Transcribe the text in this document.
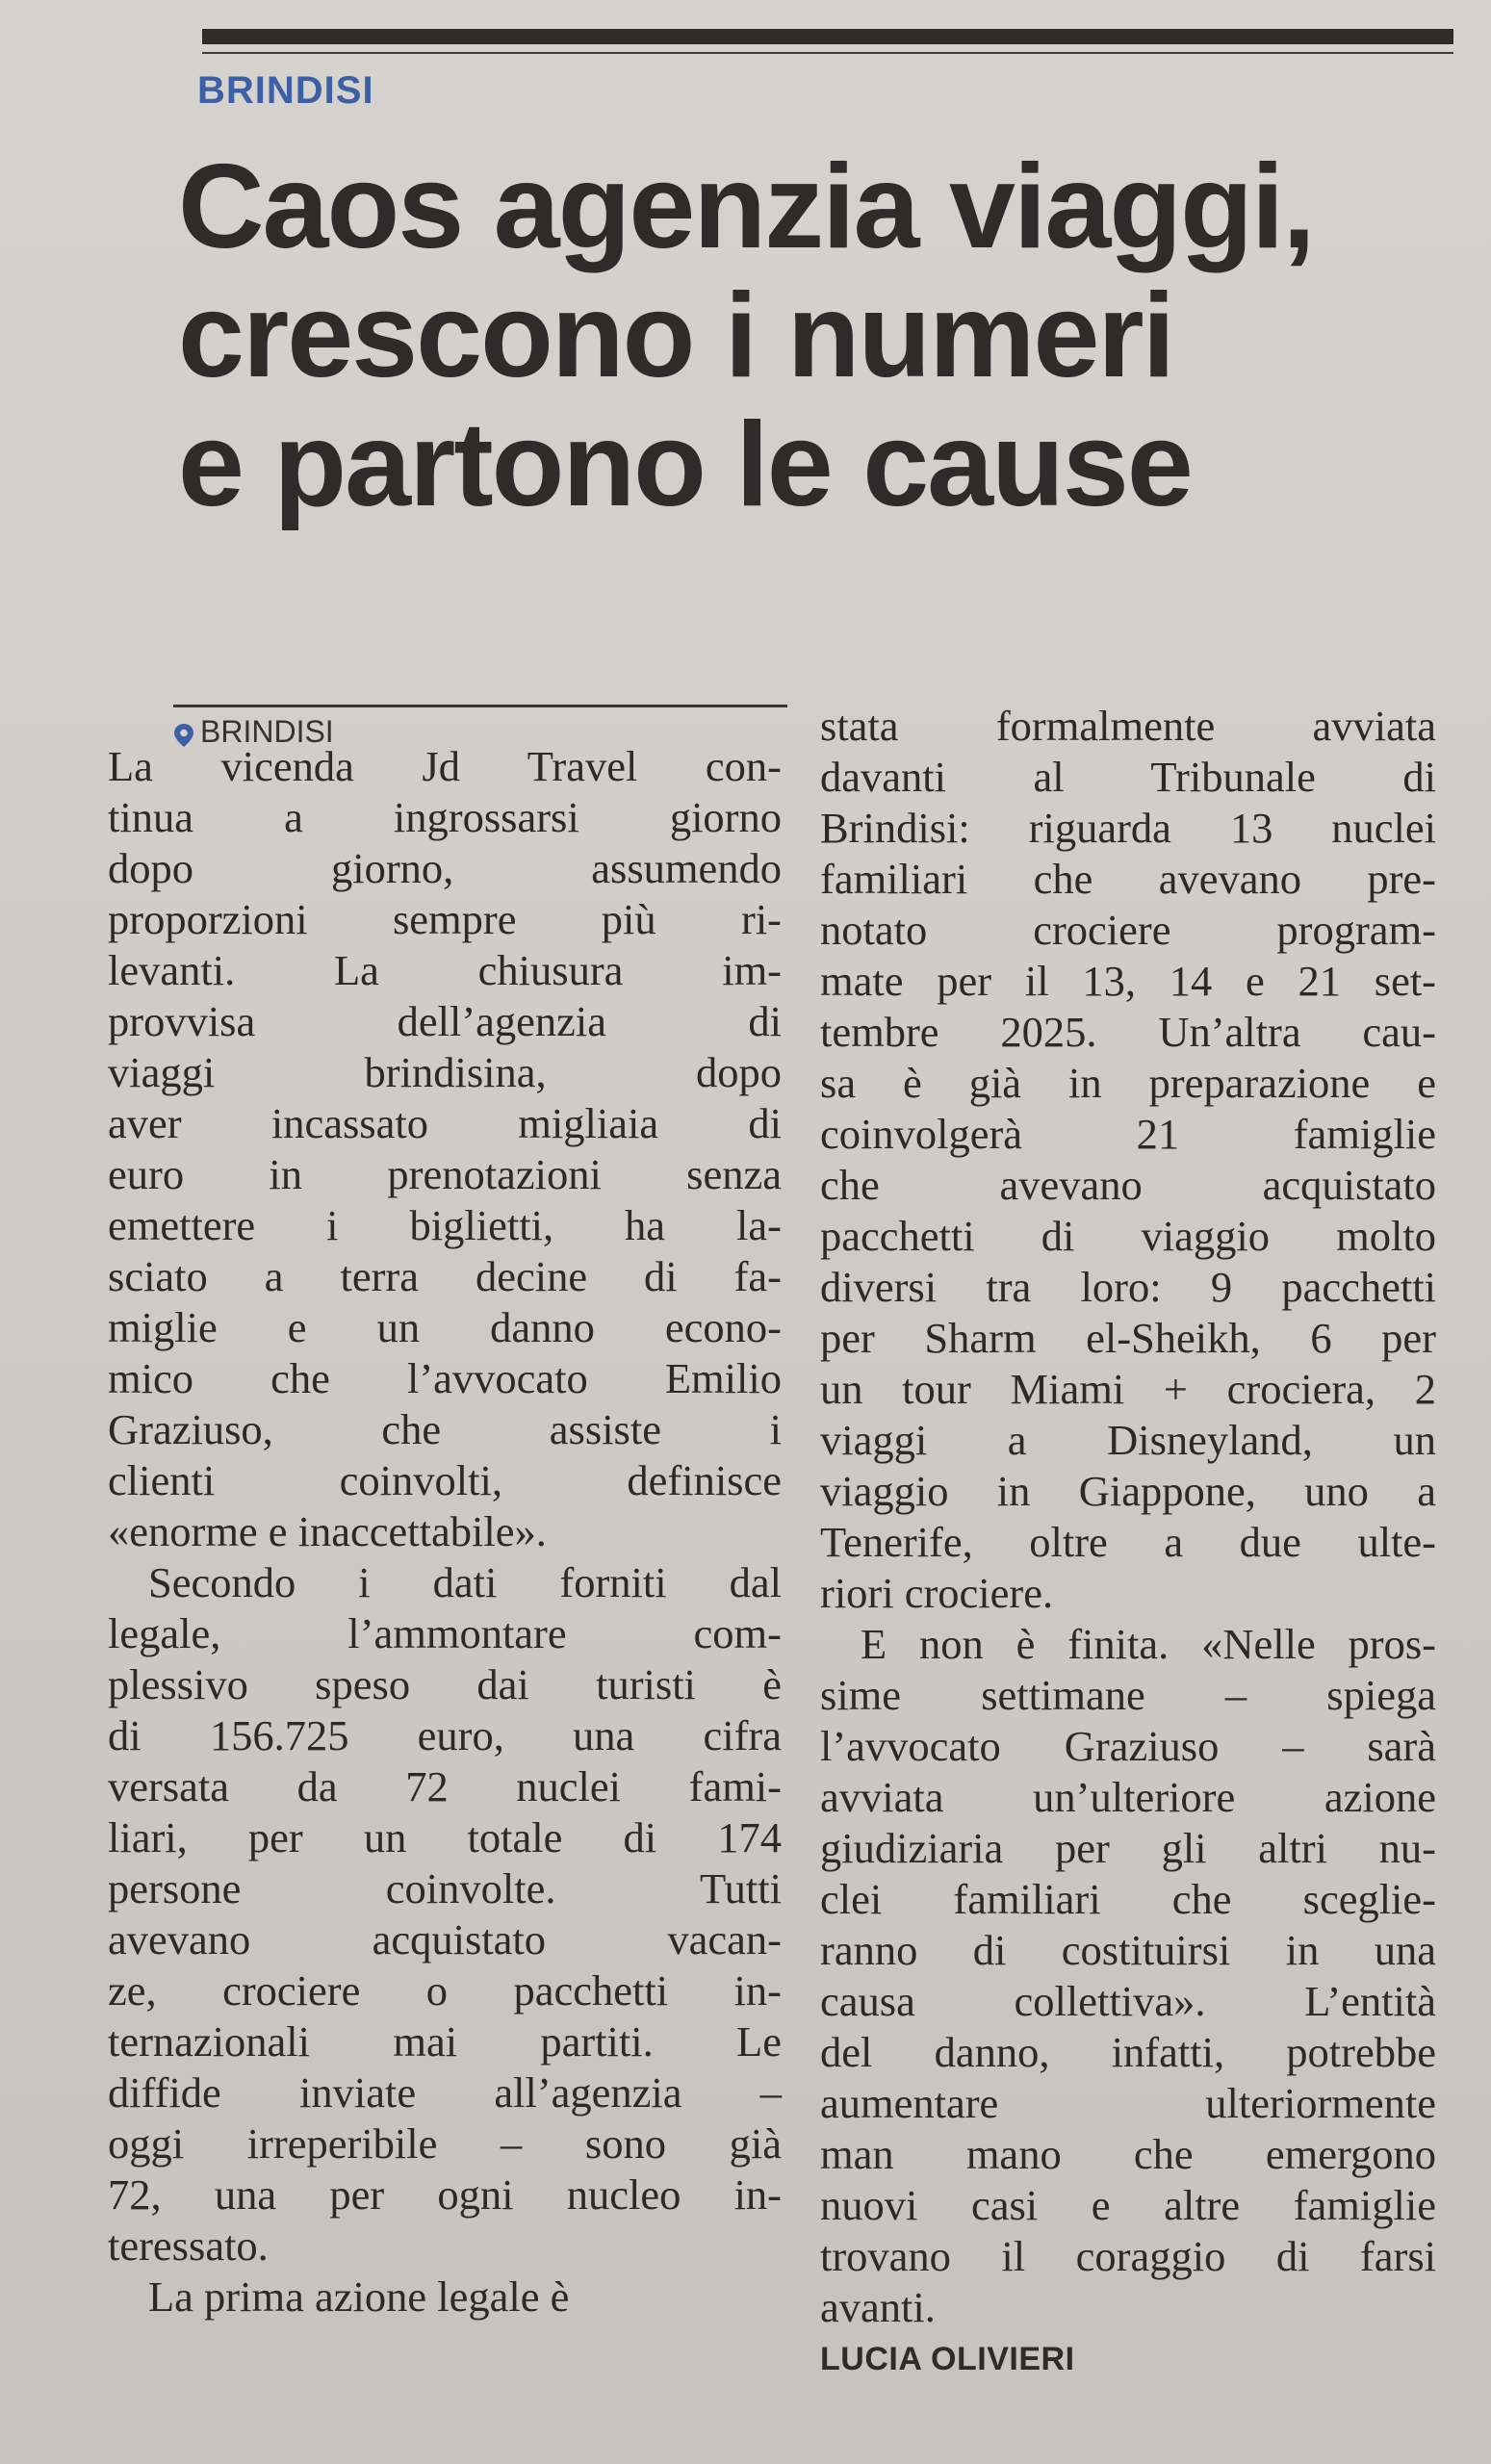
BRINDISI
Caos agenzia viaggi,
crescono i numeri
e partono le cause
BRINDISI
La vicenda Jd Travel con-
tinua a ingrossarsi giorno
dopo giorno, assumendo
proporzioni sempre più ri-
levanti. La chiusura im-
provvisa dell’agenzia di
viaggi brindisina, dopo
aver incassato migliaia di
euro in prenotazioni senza
emettere i biglietti, ha la-
sciato a terra decine di fa-
miglie e un danno econo-
mico che l’avvocato Emilio
Graziuso, che assiste i
clienti coinvolti, definisce
«enorme e inaccettabile».
Secondo i dati forniti dal
legale, l’ammontare com-
plessivo speso dai turisti è
di 156.725 euro, una cifra
versata da 72 nuclei fami-
liari, per un totale di 174
persone coinvolte. Tutti
avevano acquistato vacan-
ze, crociere o pacchetti in-
ternazionali mai partiti. Le
diffide inviate all’agenzia –
oggi irreperibile – sono già
72, una per ogni nucleo in-
teressato.
La prima azione legale è
stata formalmente avviata
davanti al Tribunale di
Brindisi: riguarda 13 nuclei
familiari che avevano pre-
notato crociere program-
mate per il 13, 14 e 21 set-
tembre 2025. Un’altra cau-
sa è già in preparazione e
coinvolgerà 21 famiglie
che avevano acquistato
pacchetti di viaggio molto
diversi tra loro: 9 pacchetti
per Sharm el-Sheikh, 6 per
un tour Miami + crociera, 2
viaggi a Disneyland, un
viaggio in Giappone, uno a
Tenerife, oltre a due ulte-
riori crociere.
E non è finita. «Nelle pros-
sime settimane – spiega
l’avvocato Graziuso – sarà
avviata un’ulteriore azione
giudiziaria per gli altri nu-
clei familiari che sceglie-
ranno di costituirsi in una
causa collettiva». L’entità
del danno, infatti, potrebbe
aumentare ulteriormente
man mano che emergono
nuovi casi e altre famiglie
trovano il coraggio di farsi
avanti.
LUCIA OLIVIERI
